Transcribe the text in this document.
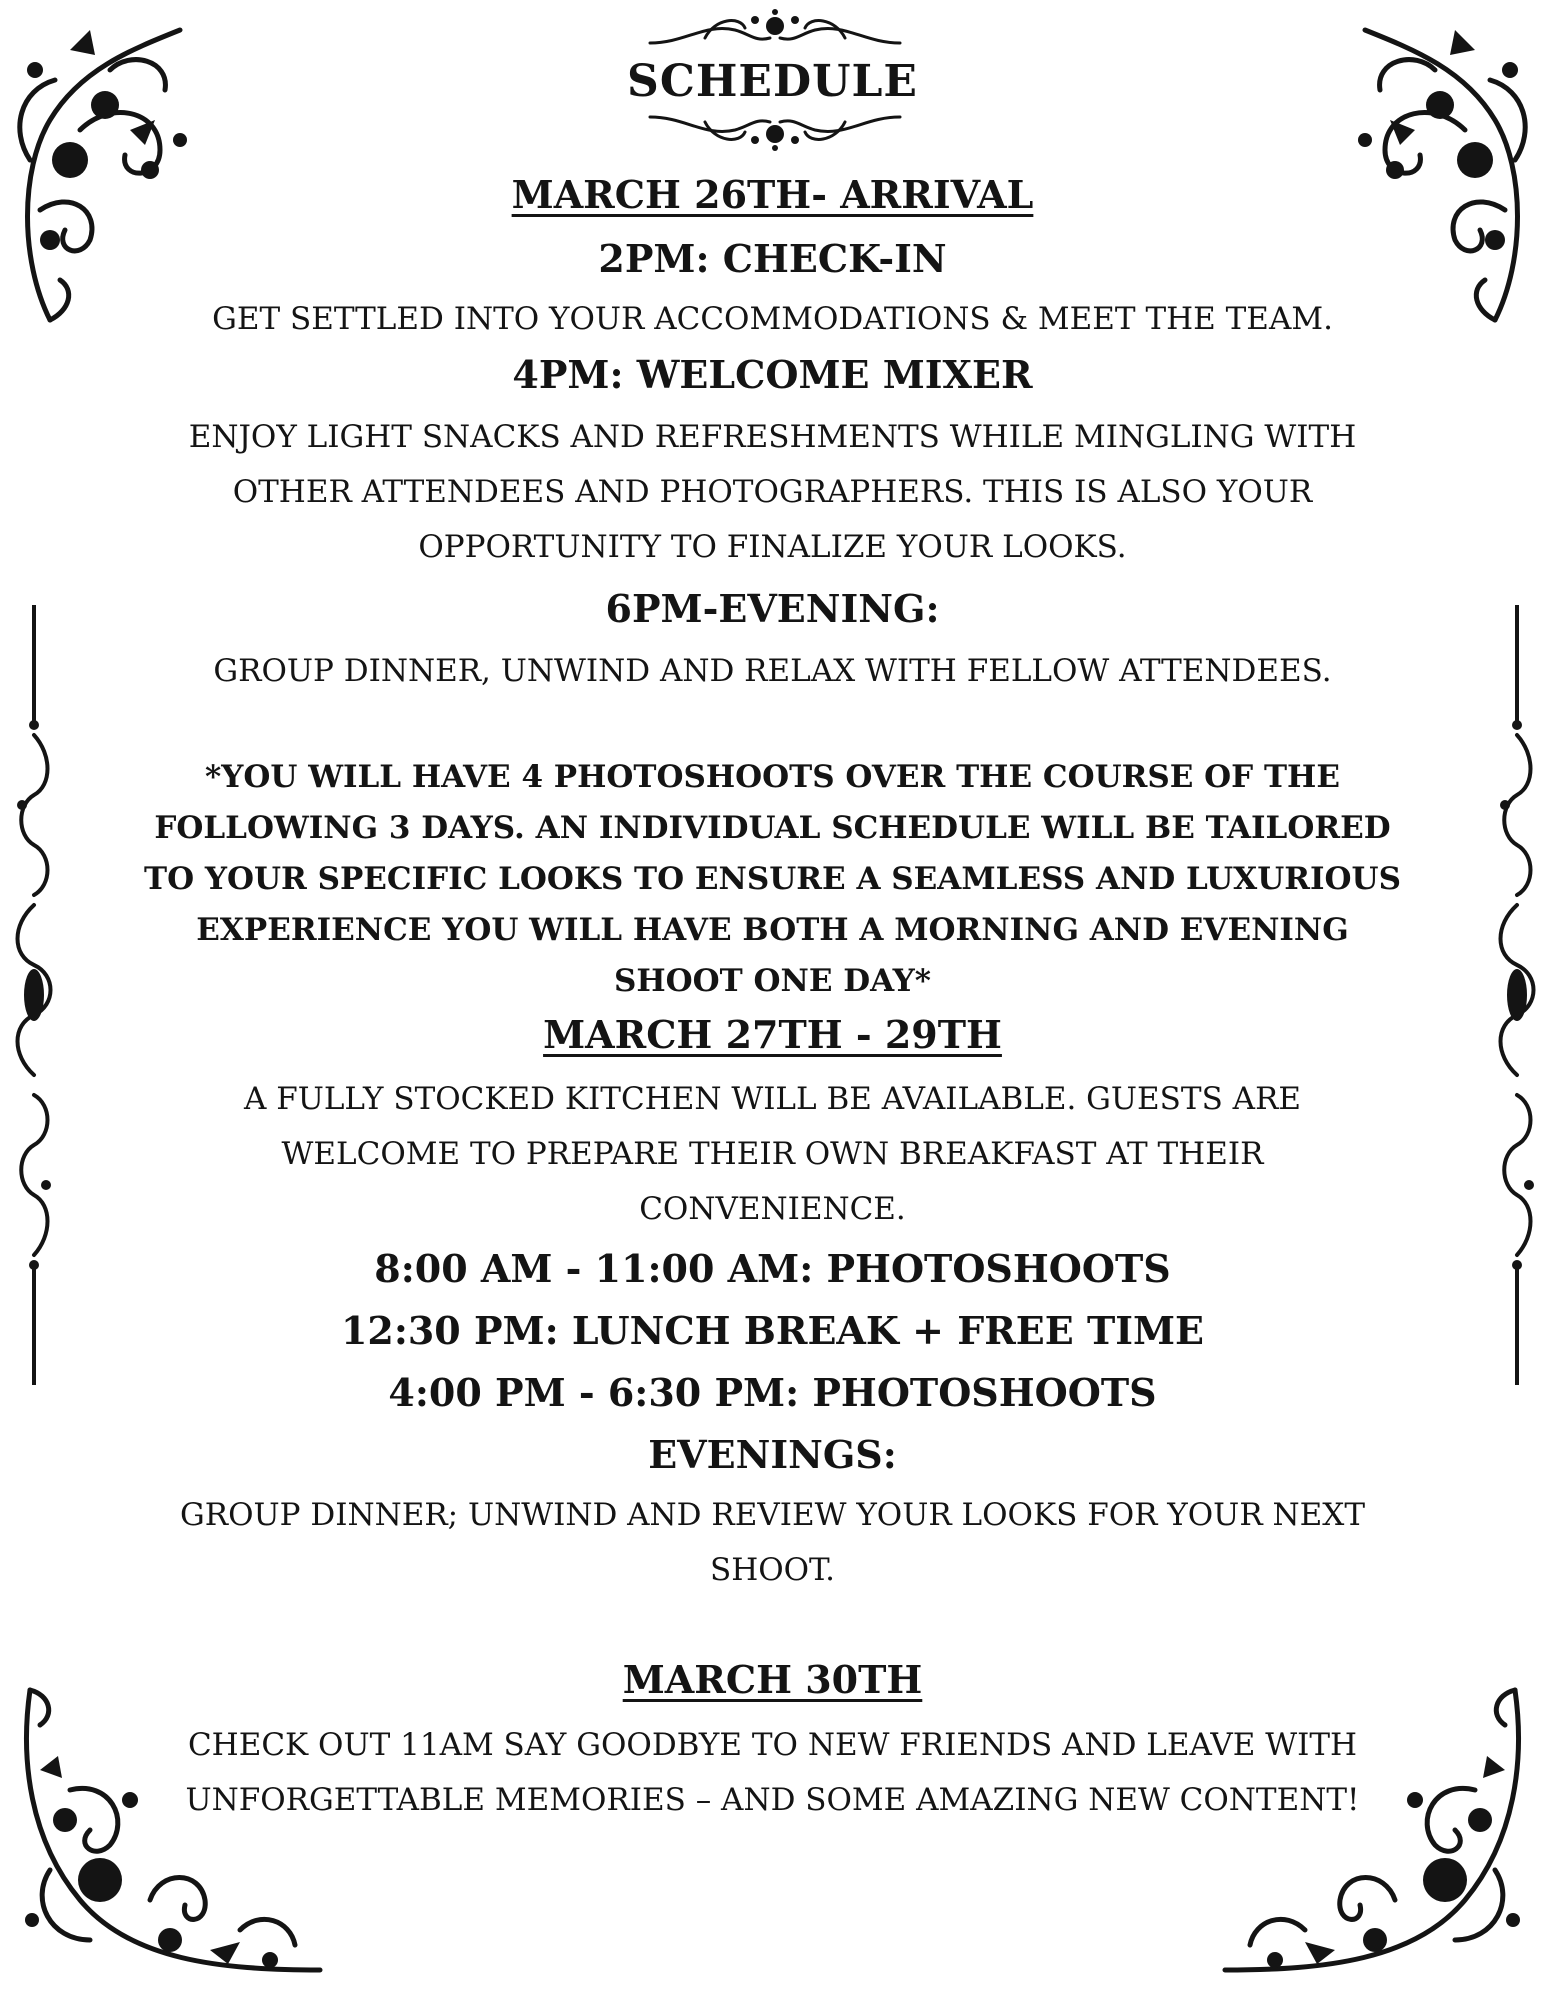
SCHEDULE
MARCH 26TH- ARRIVAL
2PM: CHECK-IN

GET SETTLED INTO YOUR ACCOMMODATIONS & MEET THE TEAM.

4PM: WELCOME MIXER

ENJOY LIGHT SNACKS AND REFRESHMENTS WHILE MINGLING WITH OTHER ATTENDEES AND PHOTOGRAPHERS. THIS IS ALSO YOUR OPPORTUNITY TO FINALIZE YOUR LOOKS.

6PM-EVENING:

GROUP DINNER, UNWIND AND RELAX WITH FELLOW ATTENDEES.

*YOU WILL HAVE 4 PHOTOSHOOTS OVER THE COURSE OF THE FOLLOWING 3 DAYS. AN INDIVIDUAL SCHEDULE WILL BE TAILORED TO YOUR SPECIFIC LOOKS TO ENSURE A SEAMLESS AND LUXURIOUS EXPERIENCE YOU WILL HAVE BOTH A MORNING AND EVENING SHOOT ONE DAY*

MARCH 27TH - 29TH

A FULLY STOCKED KITCHEN WILL BE AVAILABLE. GUESTS ARE WELCOME TO PREPARE THEIR OWN BREAKFAST AT THEIR CONVENIENCE.

8:00 AM - 11:00 AM: PHOTOSHOOTS
12:30 PM: LUNCH BREAK + FREE TIME
4:00 PM - 6:30 PM: PHOTOSHOOTS
EVENINGS:

GROUP DINNER; UNWIND AND REVIEW YOUR LOOKS FOR YOUR NEXT SHOOT.

MARCH 30TH

CHECK OUT 11AM SAY GOODBYE TO NEW FRIENDS AND LEAVE WITH UNFORGETTABLE MEMORIES – AND SOME AMAZING NEW CONTENT!
